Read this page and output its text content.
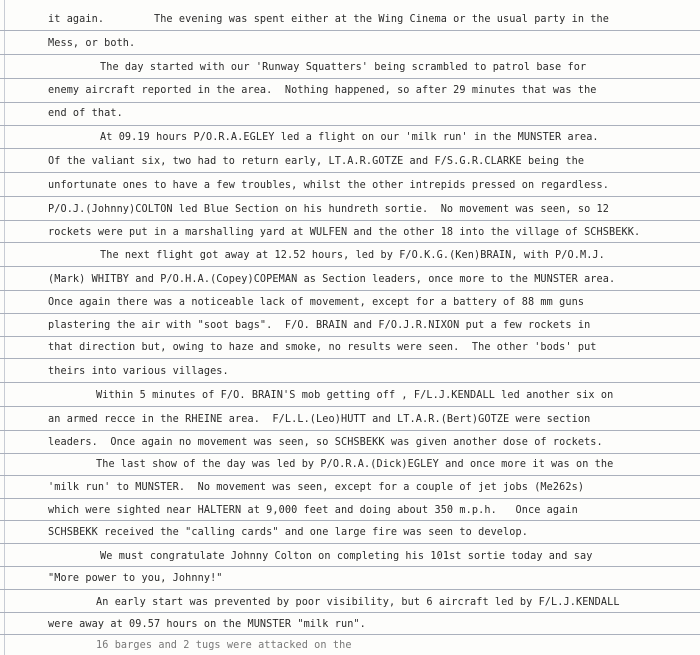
it again.        The evening was spent either at the Wing Cinema or the usual party in the
Mess, or both.
The day started with our 'Runway Squatters' being scrambled to patrol base for
enemy aircraft reported in the area.  Nothing happened, so after 29 minutes that was the
end of that.
At 09.19 hours P/O.R.A.EGLEY led a flight on our 'milk run' in the MUNSTER area.
Of the valiant six, two had to return early, LT.A.R.GOTZE and F/S.G.R.CLARKE being the
unfortunate ones to have a few troubles, whilst the other intrepids pressed on regardless.
P/O.J.(Johnny)COLTON led Blue Section on his hundreth sortie.  No movement was seen, so 12
rockets were put in a marshalling yard at WULFEN and the other 18 into the village of SCHSBEKK.
The next flight got away at 12.52 hours, led by F/O.K.G.(Ken)BRAIN, with P/O.M.J.
(Mark) WHITBY and P/O.H.A.(Copey)COPEMAN as Section leaders, once more to the MUNSTER area.
Once again there was a noticeable lack of movement, except for a battery of 88 mm guns
plastering the air with "soot bags".  F/O. BRAIN and F/O.J.R.NIXON put a few rockets in
that direction but, owing to haze and smoke, no results were seen.  The other 'bods' put
theirs into various villages.
Within 5 minutes of F/O. BRAIN'S mob getting off , F/L.J.KENDALL led another six on
an armed recce in the RHEINE area.  F/L.L.(Leo)HUTT and LT.A.R.(Bert)GOTZE were section
leaders.  Once again no movement was seen, so SCHSBEKK was given another dose of rockets.
The last show of the day was led by P/O.R.A.(Dick)EGLEY and once more it was on the
'milk run' to MUNSTER.  No movement was seen, except for a couple of jet jobs (Me262s)
which were sighted near HALTERN at 9,000 feet and doing about 350 m.p.h.   Once again
SCHSBEKK received the "calling cards" and one large fire was seen to develop.
We must congratulate Johnny Colton on completing his 101st sortie today and say
"More power to you, Johnny!"
An early start was prevented by poor visibility, but 6 aircraft led by F/L.J.KENDALL
were away at 09.57 hours on the MUNSTER "milk run".
16 barges and 2 tugs were attacked on the
